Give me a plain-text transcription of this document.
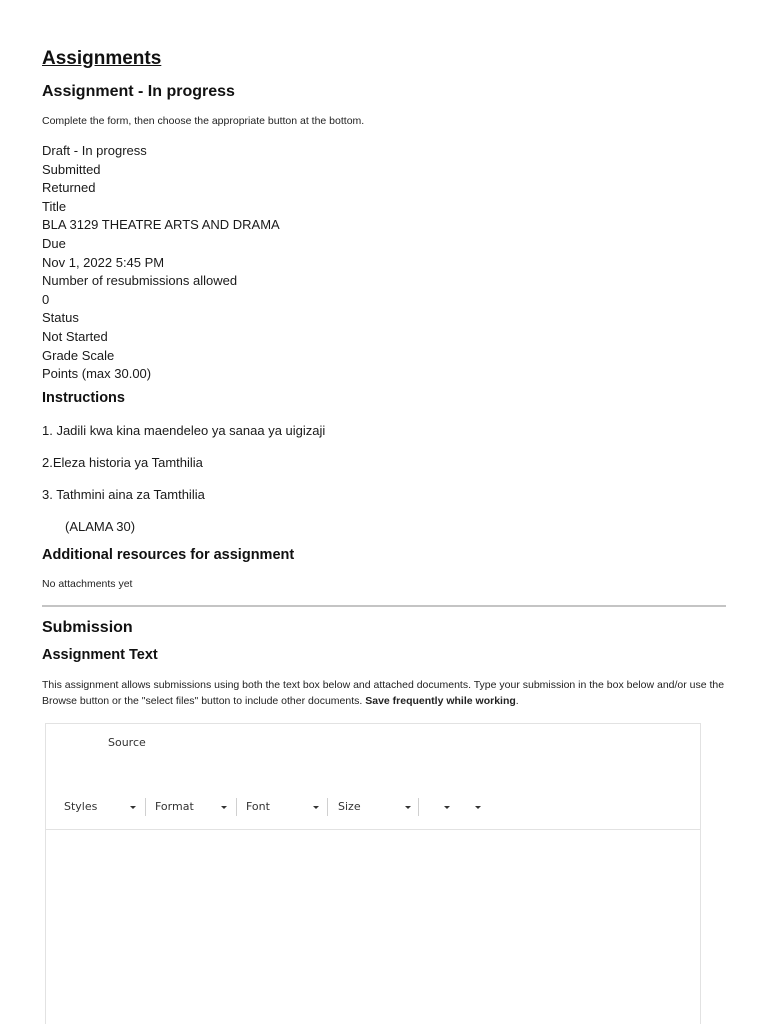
Assignments
Assignment - In progress
Complete the form, then choose the appropriate button at the bottom.
Draft - In progress
Submitted
Returned
Title
BLA 3129 THEATRE ARTS AND DRAMA
Due
Nov 1, 2022 5:45 PM
Number of resubmissions allowed
0
Status
Not Started
Grade Scale
Points (max 30.00)
Instructions
1. Jadili kwa kina maendeleo ya sanaa ya uigizaji
2.Eleza historia ya Tamthilia
3. Tathmini aina za Tamthilia
(ALAMA 30)
Additional resources for assignment
No attachments yet
Submission
Assignment Text
This assignment allows submissions using both the text box below and attached documents. Type your submission in the box below and/or use the Browse button or the "select files" button to include other documents. Save frequently while working.
Source
Styles	Format	Font	Size
